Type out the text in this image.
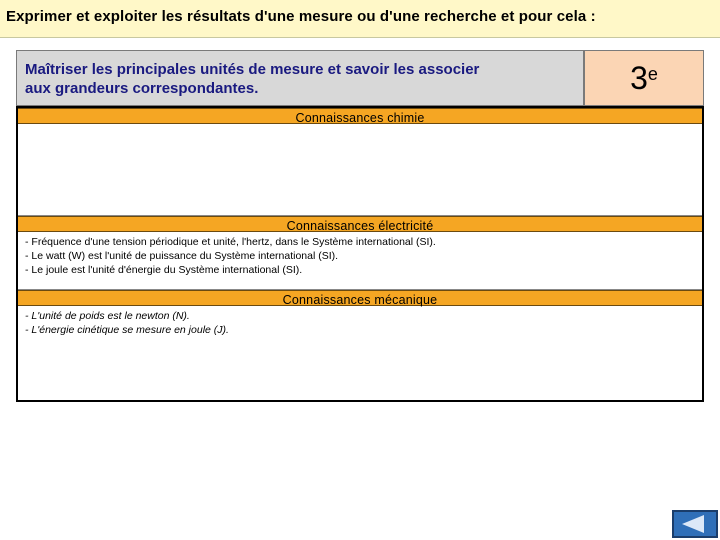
Exprimer et exploiter les résultats d'une mesure ou d'une recherche et pour cela :
Maîtriser les principales unités de mesure et savoir les associer
aux grandeurs correspondantes.	3e
Connaissances chimie
Connaissances électricité
- Fréquence d'une tension périodique et unité, l'hertz, dans le Système international (SI).
- Le watt (W) est l'unité de puissance du Système international (SI).
- Le joule est l'unité d'énergie du Système international (SI).
Connaissances mécanique
- L'unité de poids est le newton (N).
- L'énergie cinétique se mesure en joule (J).
